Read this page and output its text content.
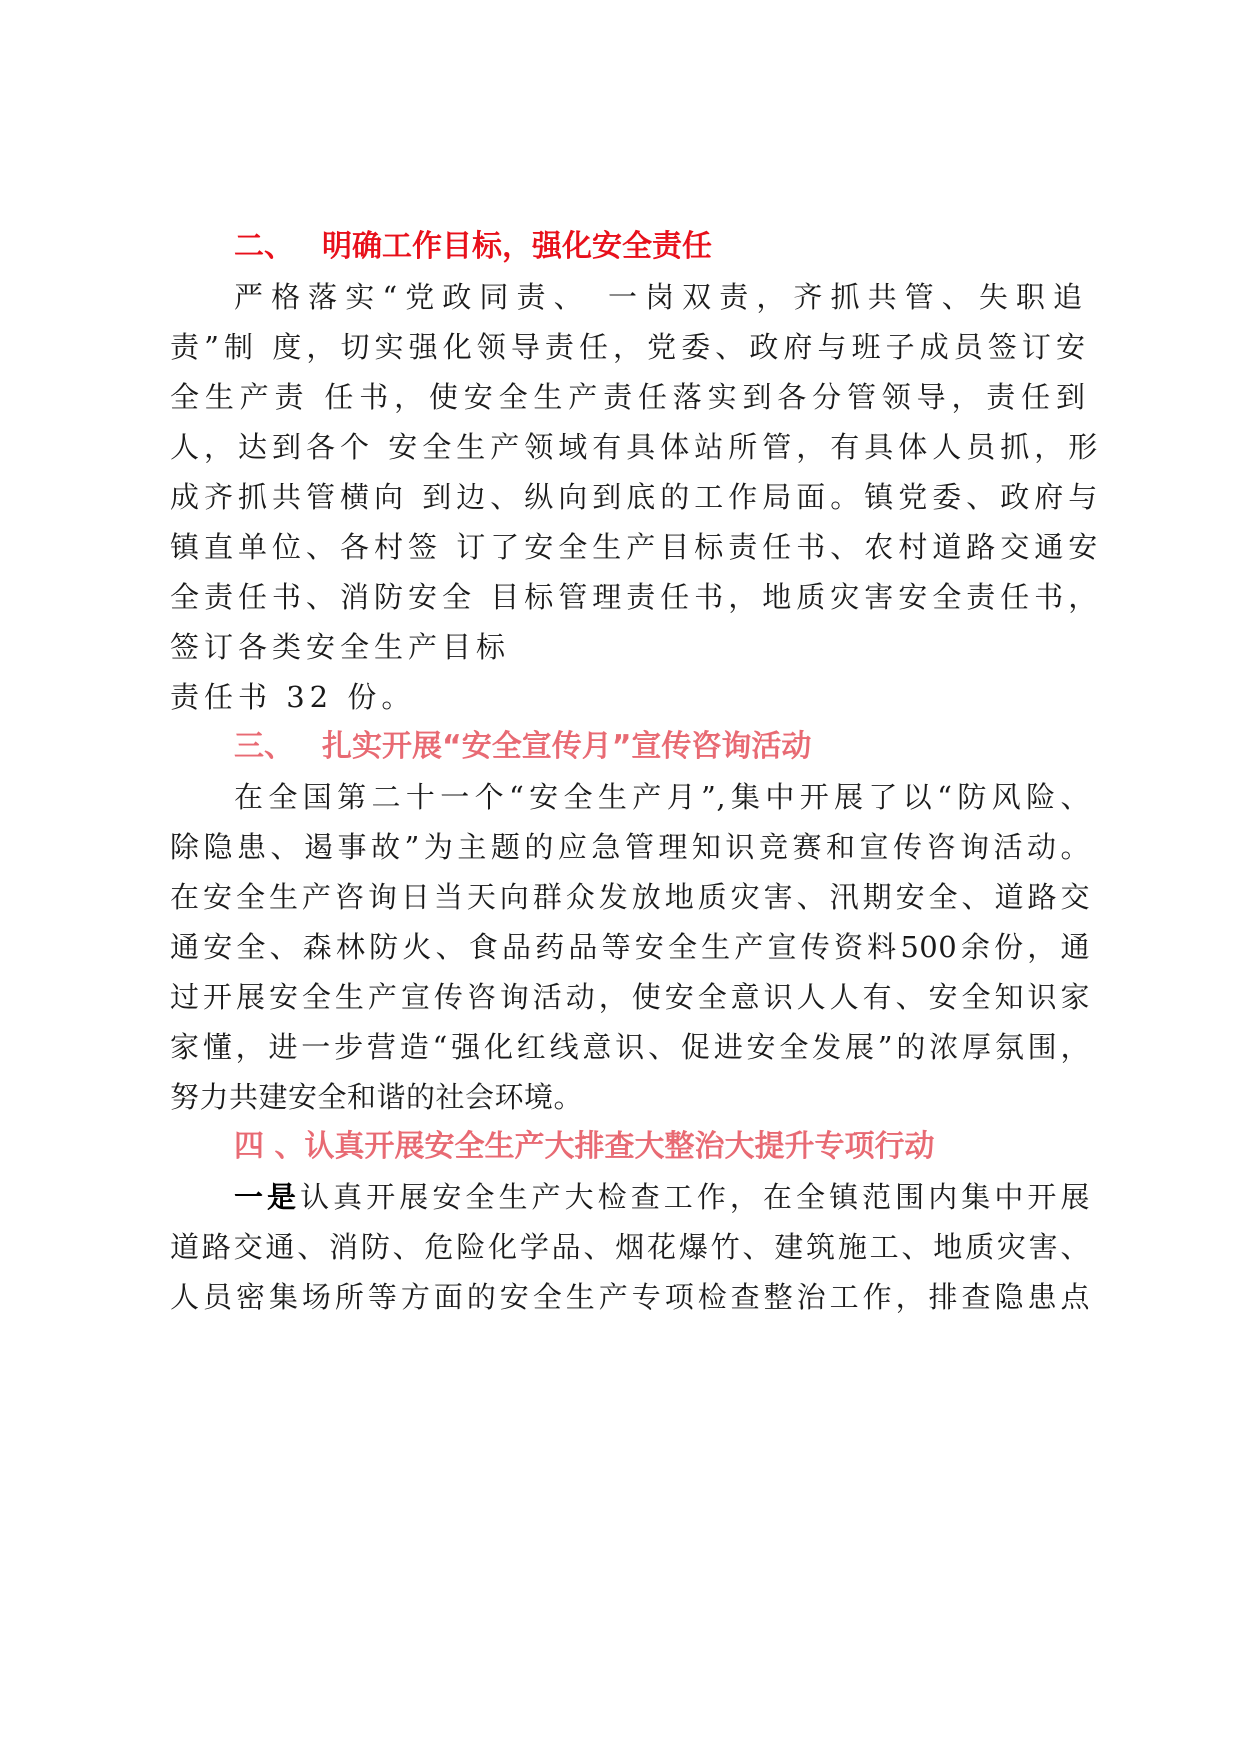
二、 明确工作目标，强化安全责任
严格落实“党政同责、 一岗双责，齐抓共管、失职追
责”制 度，切实强化领导责任，党委、政府与班子成员签订安
全生产责 任书，使安全生产责任落实到各分管领导，责任到
人，达到各个 安全生产领域有具体站所管，有具体人员抓，形
成齐抓共管横向 到边、纵向到底的工作局面。镇党委、政府与
镇直单位、各村签 订了安全生产目标责任书、农村道路交通安
全责任书、消防安全 目标管理责任书，地质灾害安全责任书，
签订各类安全生产目标
责任书 32 份。
三、 扎实开展“安全宣传月”宣传咨询活动
在全国第二十一个“安全生产月”,集中开展了以“防风险、
除隐患、遏事故”为主题的应急管理知识竞赛和宣传咨询活动。
在安全生产咨询日当天向群众发放地质灾害、汛期安全、道路交
通安全、森林防火、食品药品等安全生产宣传资料500余份，通
过开展安全生产宣传咨询活动，使安全意识人人有、安全知识家
家懂，进一步营造“强化红线意识、促进安全发展”的浓厚氛围，
努力共建安全和谐的社会环境。
四 、认真开展安全生产大排查大整治大提升专项行动
一是认真开展安全生产大检查工作，在全镇范围内集中开展
道路交通、消防、危险化学品、烟花爆竹、建筑施工、地质灾害、
人员密集场所等方面的安全生产专项检查整治工作，排查隐患点
